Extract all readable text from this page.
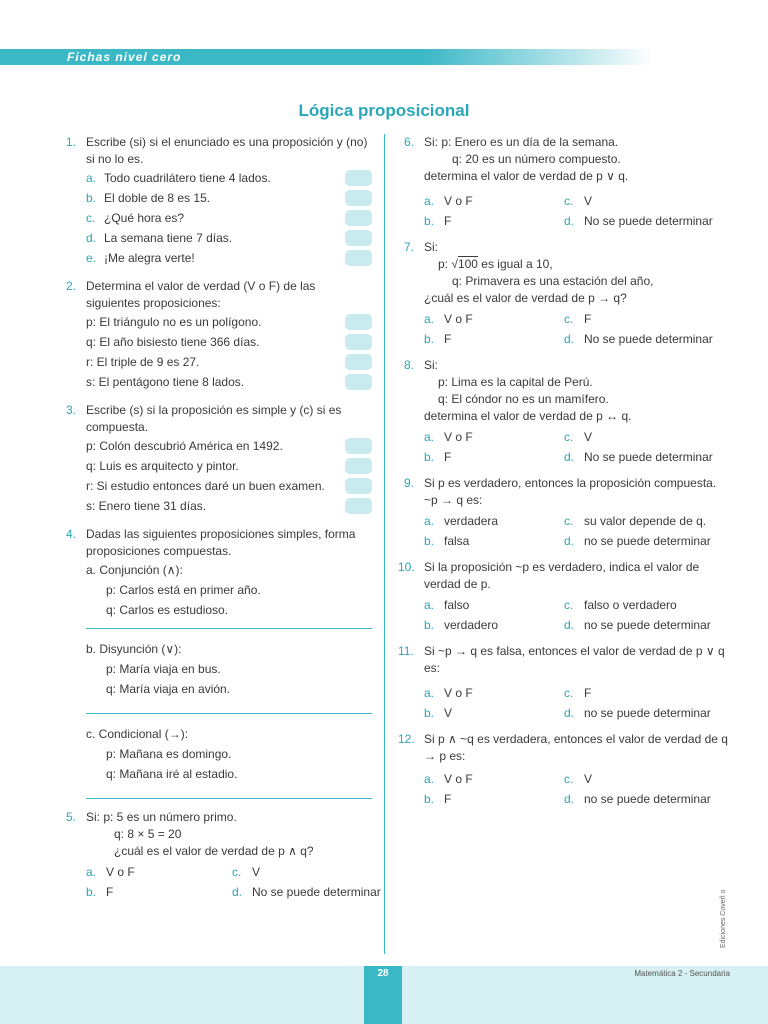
Fichas nivel cero
Lógica proposicional
1. Escribe (si) si el enunciado es una proposición y (no) si no lo es.
a. Todo cuadrilátero tiene 4 lados.
b. El doble de 8 es 15.
c. ¿Qué hora es?
d. La semana tiene 7 días.
e. ¡Me alegra verte!
2. Determina el valor de verdad (V o F) de las siguientes proposiciones:
p: El triángulo no es un polígono.
q: El año bisiesto tiene 366 días.
r: El triple de 9 es 27.
s: El pentágono tiene 8 lados.
3. Escribe (s) si la proposición es simple y (c) si es compuesta.
p: Colón descubrió América en 1492.
q: Luis es arquitecto y pintor.
r: Si estudio entonces daré un buen examen.
s: Enero tiene 31 días.
4. Dadas las siguientes proposiciones simples, forma proposiciones compuestas.
a. Conjunción (∧):
p: Carlos está en primer año.
q: Carlos es estudioso.
b. Disyunción (∨):
p: María viaja en bus.
q: María viaja en avión.
c. Condicional (→):
p: Mañana es domingo.
q: Mañana iré al estadio.
5. Si: p: 5 es un número primo.
q: 8 × 5 = 20
¿cuál es el valor de verdad de p ∧ q?
a. V o F	c. V
b. F	d. No se puede determinar
6. Si: p: Enero es un día de la semana.
q: 20 es un número compuesto.
determina el valor de verdad de p ∨ q.
a. V o F	c. V
b. F	d. No se puede determinar
7. Si:
p: √100 es igual a 10,
q: Primavera es una estación del año,
¿cuál es el valor de verdad de p → q?
a. V o F	c. F
b. F	d. No se puede determinar
8. Si:
p: Lima es la capital de Perú.
q: El cóndor no es un mamífero.
determina el valor de verdad de p ↔ q.
a. V o F	c. V
b. F	d. No se puede determinar
9. Si p es verdadero, entonces la proposición compuesta. ~p → q es:
a. verdadera	c. su valor depende de q.
b. falsa	d. no se puede determinar
10. Si la proposición ~p es verdadero, indica el valor de verdad de p.
a. falso	c. falso o verdadero
b. verdadero	d. no se puede determinar
11. Si ~p → q es falsa, entonces el valor de verdad de p ∨ q es:
a. V o F	c. F
b. V	d. no se puede determinar
12. Si p ∧ ~q es verdadera, entonces el valor de verdad de q → p es:
a. V o F	c. V
b. F	d. no se puede determinar
Ediciones Coveñ o
28	Matemática 2 - Secundaria
